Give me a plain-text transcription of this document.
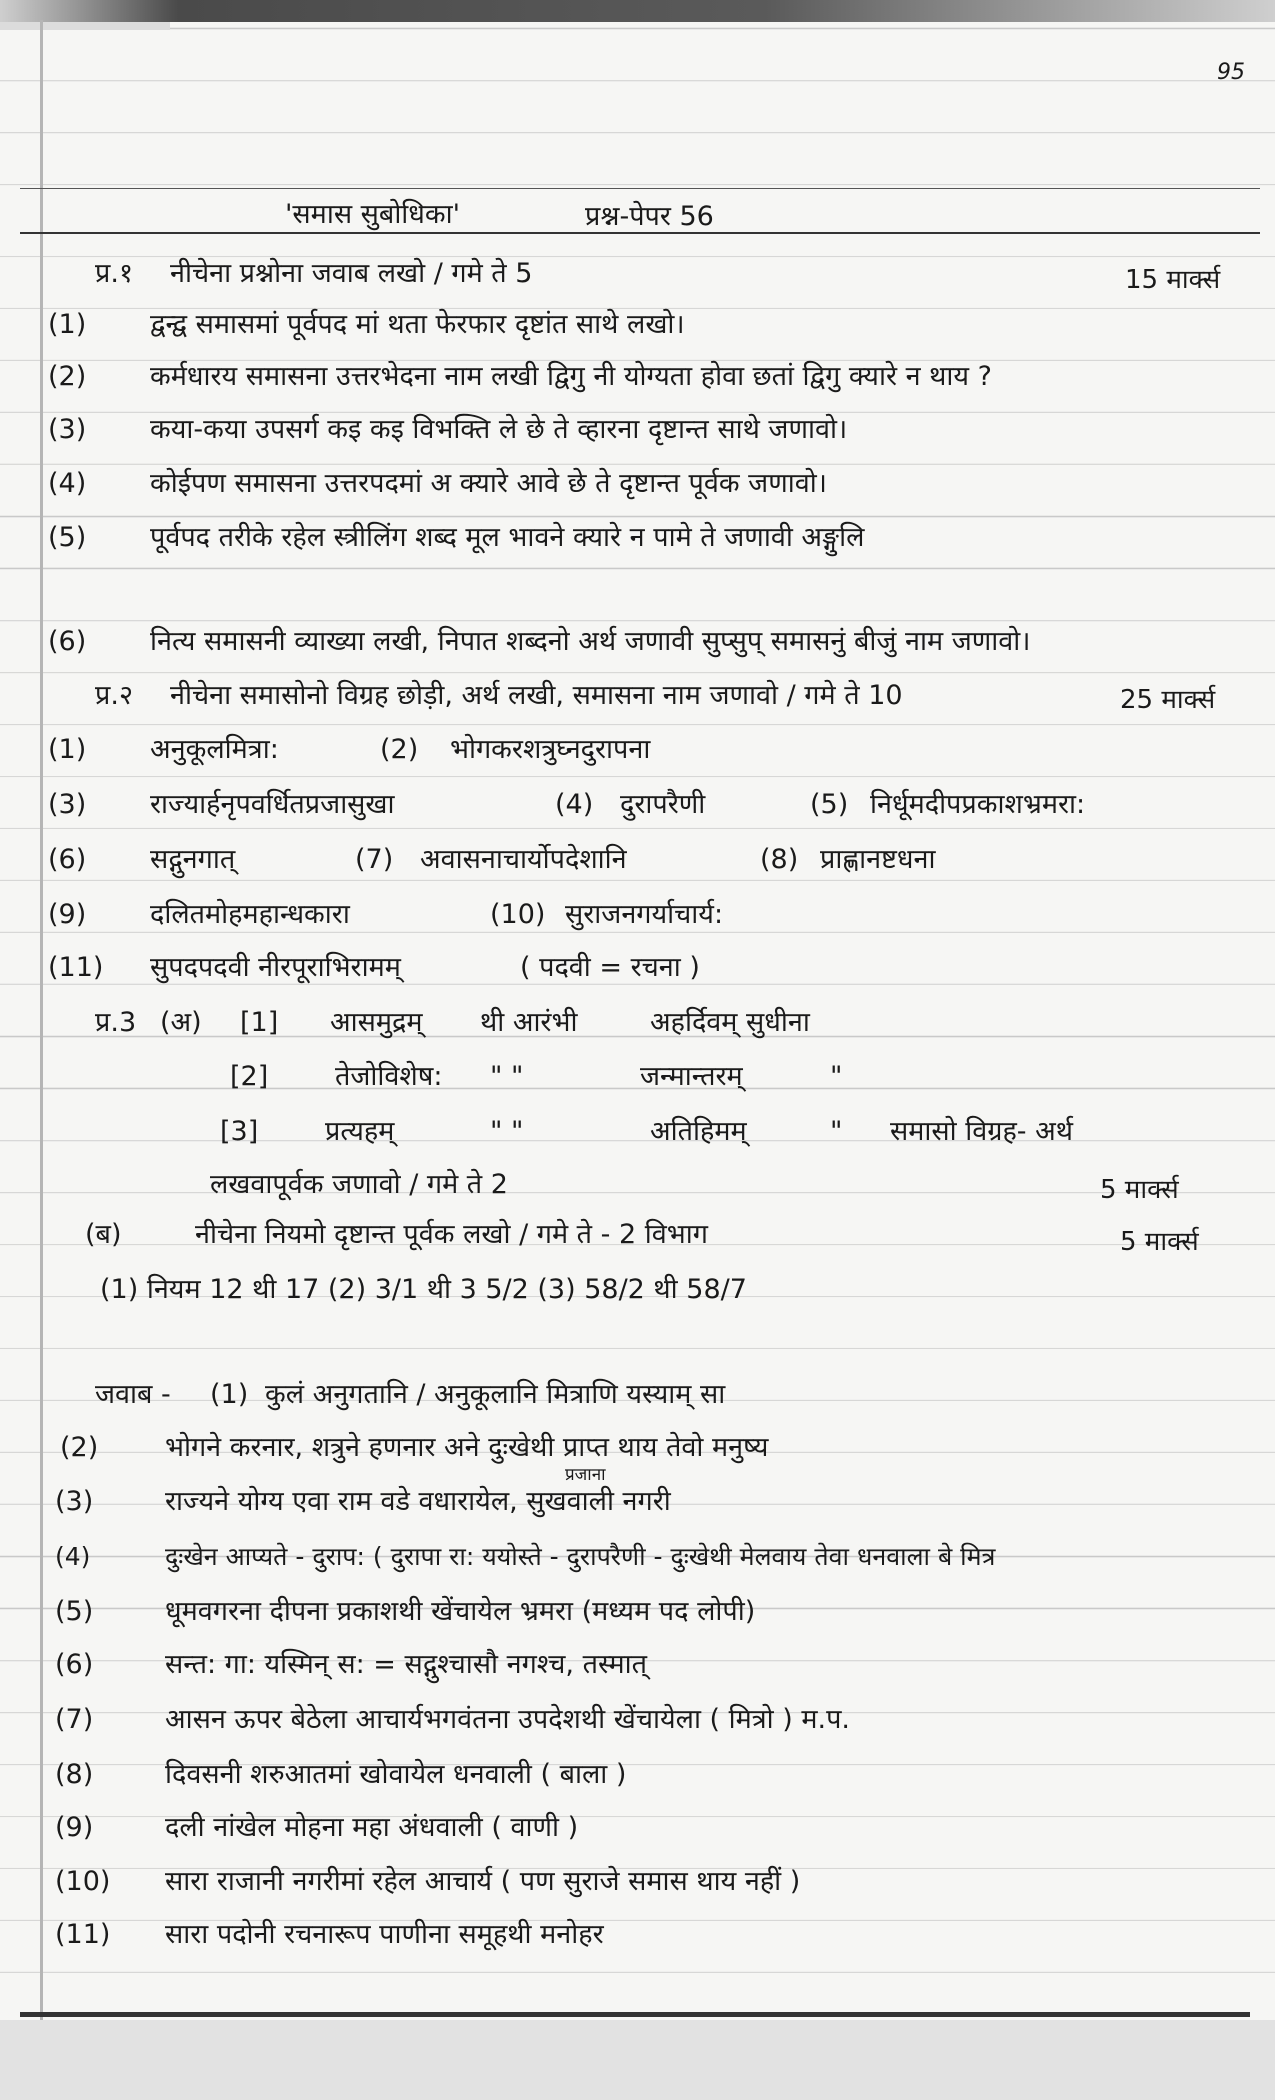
95
'समास सुबोधिका'	प्रश्न-पेपर 56
प्र.१ नीचेना प्रश्नोना जवाब लखो / गमे ते 5	15 मार्क्स
(1) द्वन्द्व समासमां पूर्वपद मां थता फेरफार दृष्टांत साथे लखो।
(2) कर्मधारय समासना उत्तरभेदना नाम लखी द्विगु नी योग्यता होवा छतां द्विगु क्यारे न थाय ?
(3) कया-कया उपसर्ग कइ कइ विभक्ति ले छे ते व्हारना दृष्टान्त साथे जणावो।
(4) कोईपण समासना उत्तरपदमां अ क्यारे आवे छे ते दृष्टान्त पूर्वक जणावो।
(5) पूर्वपद तरीके रहेल स्त्रीलिंग शब्द मूल भावने क्यारे न पामे ते जणावी अङ्गुलि
(6) नित्य समासनी व्याख्या लखी, निपात शब्दनो अर्थ जणावी सुप्सुप् समासनुं बीजुं नाम जणावो।
प्र.२ नीचेना समासोनो विग्रह छोड़ी, अर्थ लखी, समासना नाम जणावो / गमे ते 10	25 मार्क्स
(1) अनुकूलमित्रा:	(2) भोगकरशत्रुघ्नदुरापना
(3) राज्यार्हनृपवर्धितप्रजासुखा	(4) दुरापरैणी	(5) निर्धूमदीपप्रकाशभ्रमरा:
(6) सद्गुनगात्	(7) अवासनाचार्योपदेशानि	(8) प्राह्णानष्टधना
(9) दलितमोहमहान्धकारा	(10) सुराजनगर्याचार्य:
(11) सुपदपदवी नीरपूराभिरामम्	( पदवी = रचना )
प्र.3 (अ) [1] आसमुद्रम् थी आरंभी	अहर्दिवम् सुधीना
[2] तेजोविशेष: " "	जन्मान्तरम्	"
[3] प्रत्यहम्	" "	अतिहिमम्	" समासो विग्रह- अर्थ
लखवापूर्वक जणावो / गमे ते 2	5 मार्क्स
(ब)	नीचेना नियमो दृष्टान्त पूर्वक लखो / गमे ते - 2 विभाग	5 मार्क्स
(1) नियम 12 थी 17 (2) 3/1 थी 3 5/2 (3) 58/2 थी 58/7
जवाब - (1) कुलं अनुगतानि / अनुकूलानि मित्राणि यस्याम् सा
(2) भोगने करनार, शत्रुने हणनार अने दुःखेथी प्राप्त थाय तेवो मनुष्य
प्रजाना
(3)	राज्यने योग्य एवा राम वडे वधारायेल, सुखवाली नगरी
(4)	दुःखेन आप्यते - दुराप: ( दुरापा रा: ययोस्ते - दुरापरैणी - दुःखेथी मेलवाय तेवा धनवाला बे मित्र
(5)	धूमवगरना दीपना प्रकाशथी खेंचायेल भ्रमरा (मध्यम पद लोपी)
(6)	सन्त: गा: यस्मिन् स: = सद्गुश्चासौ नगश्च, तस्मात्
(7)	आसन ऊपर बेठेला आचार्यभगवंतना उपदेशथी खेंचायेला ( मित्रो ) म.प.
(8)	दिवसनी शरुआतमां खोवायेल धनवाली ( बाला )
(9)	दली नांखेल मोहना महा अंधवाली ( वाणी )
(10) सारा राजानी नगरीमां रहेल आचार्य ( पण सुराजे समास थाय नहीं )
(11) सारा पदोनी रचनारूप पाणीना समूहथी मनोहर
